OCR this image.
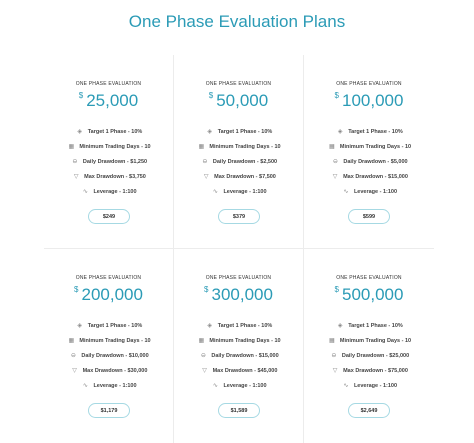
One Phase Evaluation Plans
ONE PHASE EVALUATION
$ 25,000
◈ Target 1 Phase - 10%
▦ Minimum Trading Days - 10
⊖ Daily Drawdown - $1,250
▽ Max Drawdown - $3,750
∿ Leverage - 1:100
$249
ONE PHASE EVALUATION
$ 50,000
◈ Target 1 Phase - 10%
▦ Minimum Trading Days - 10
⊖ Daily Drawdown - $2,500
▽ Max Drawdown - $7,500
∿ Leverage - 1:100
$379
ONE PHASE EVALUATION
$ 100,000
◈ Target 1 Phase - 10%
▦ Minimum Trading Days - 10
⊖ Daily Drawdown - $5,000
▽ Max Drawdown - $15,000
∿ Leverage - 1:100
$599
ONE PHASE EVALUATION
$ 200,000
◈ Target 1 Phase - 10%
▦ Minimum Trading Days - 10
⊖ Daily Drawdown - $10,000
▽ Max Drawdown - $30,000
∿ Leverage - 1:100
$1,179
ONE PHASE EVALUATION
$ 300,000
◈ Target 1 Phase - 10%
▦ Minimum Trading Days - 10
⊖ Daily Drawdown - $15,000
▽ Max Drawdown - $45,000
∿ Leverage - 1:100
$1,589
ONE PHASE EVALUATION
$ 500,000
◈ Target 1 Phase - 10%
▦ Minimum Trading Days - 10
⊖ Daily Drawdown - $25,000
▽ Max Drawdown - $75,000
∿ Leverage - 1:100
$2,649
